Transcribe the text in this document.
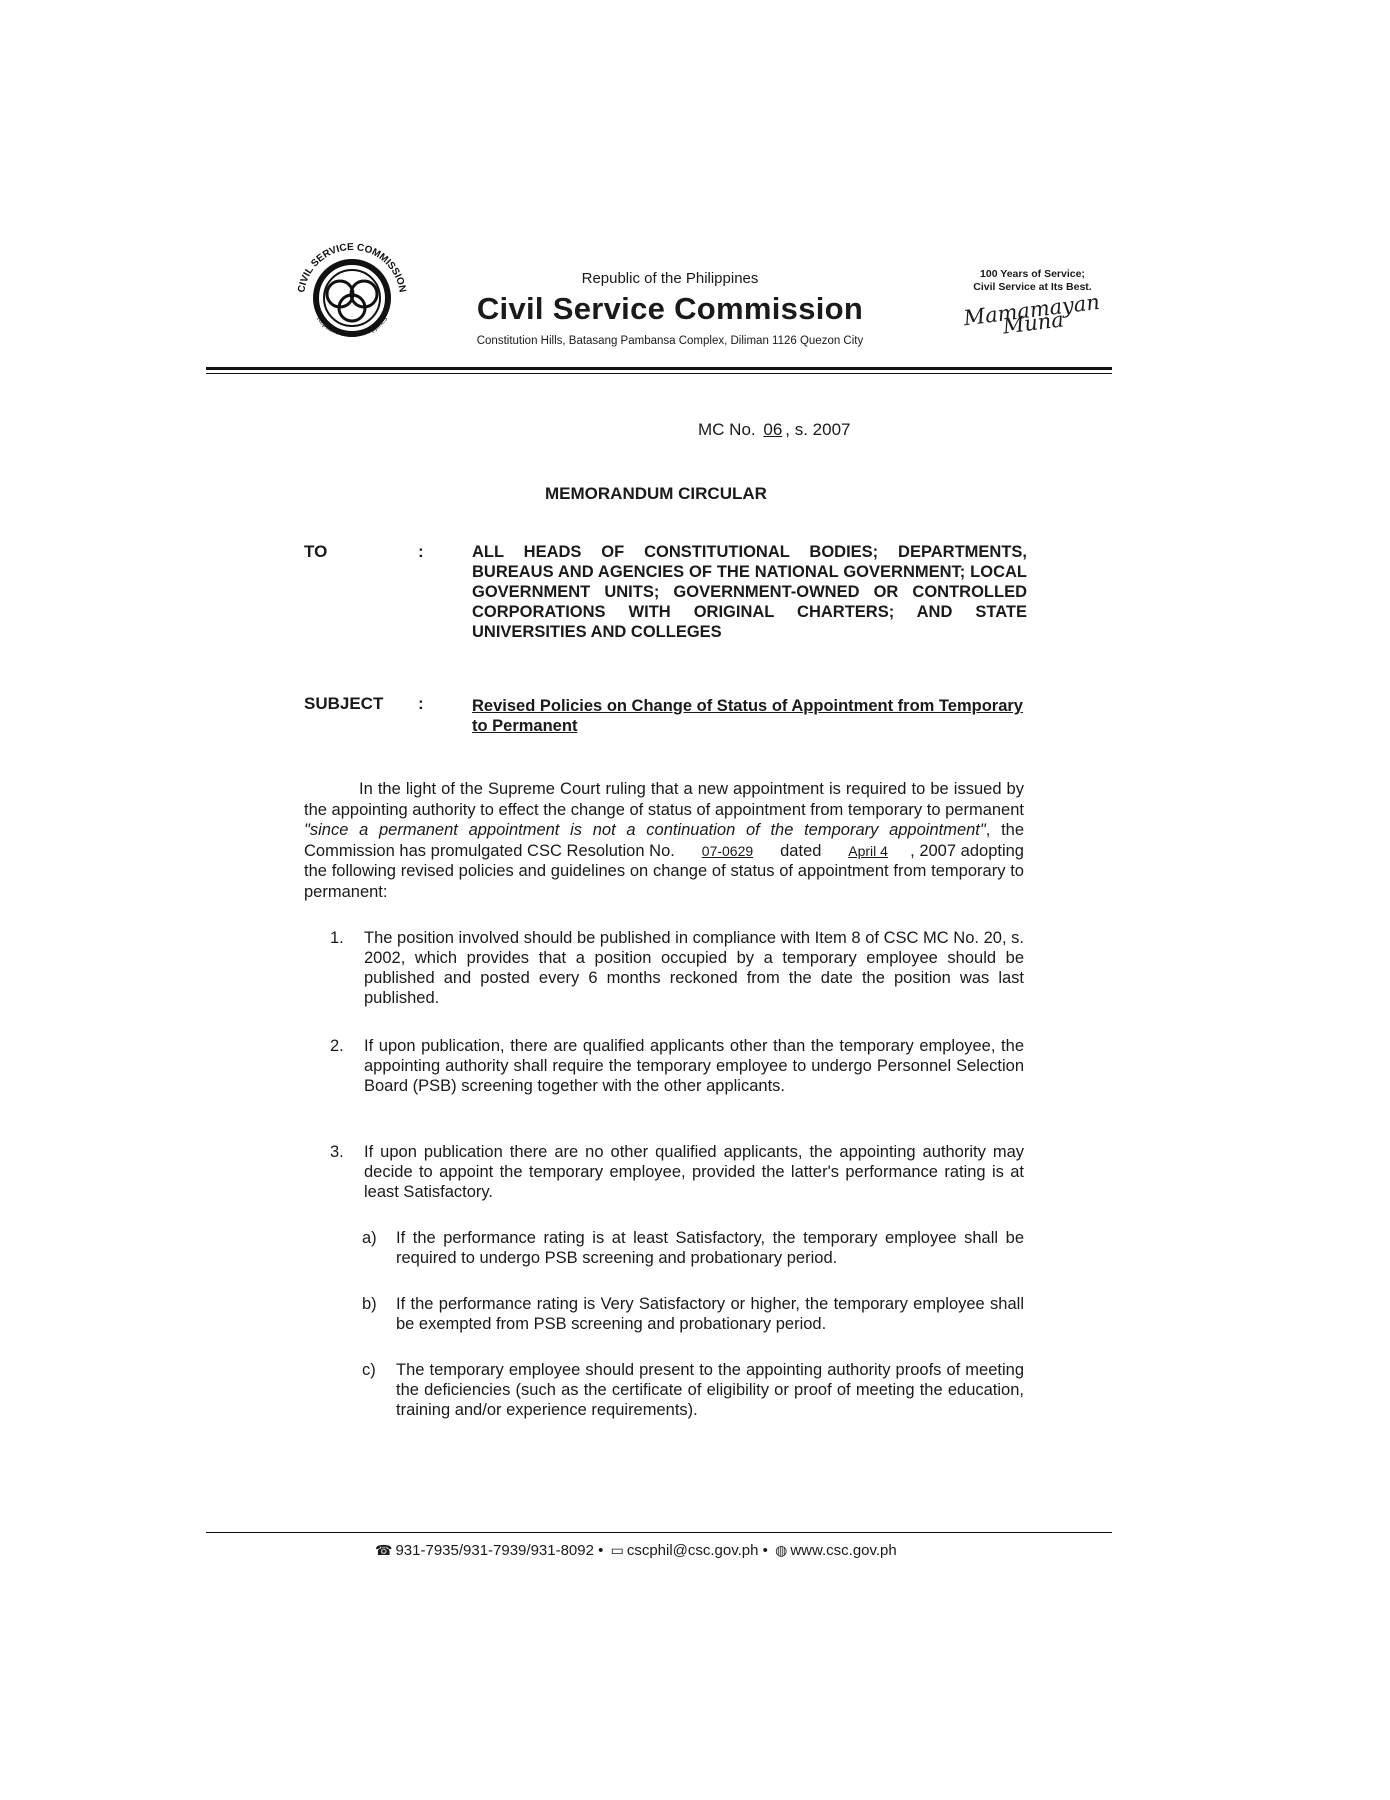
CIVIL SERVICE COMMISSION
Republic of the Philippines
Republic of the Philippines
Civil Service Commission
Constitution Hills, Batasang Pambansa Complex, Diliman 1126 Quezon City
100 Years of Service;
Civil Service at Its Best.
Mamamayan Muna
MC No. 06 , s. 2007
MEMORANDUM CIRCULAR
TO	:	ALL HEADS OF CONSTITUTIONAL BODIES; DEPARTMENTS, BUREAUS AND AGENCIES OF THE NATIONAL GOVERNMENT; LOCAL GOVERNMENT UNITS; GOVERNMENT-OWNED OR CONTROLLED CORPORATIONS WITH ORIGINAL CHARTERS; AND STATE UNIVERSITIES AND COLLEGES
SUBJECT :	Revised Policies on Change of Status of Appointment from Temporary to Permanent
In the light of the Supreme Court ruling that a new appointment is required to be issued by the appointing authority to effect the change of status of appointment from temporary to permanent "since a permanent appointment is not a continuation of the temporary appointment", the Commission has promulgated CSC Resolution No. 07-0629 dated April 4 , 2007 adopting the following revised policies and guidelines on change of status of appointment from temporary to permanent:
1.	The position involved should be published in compliance with Item 8 of CSC MC No. 20, s. 2002, which provides that a position occupied by a temporary employee should be published and posted every 6 months reckoned from the date the position was last published.
2.	If upon publication, there are qualified applicants other than the temporary employee, the appointing authority shall require the temporary employee to undergo Personnel Selection Board (PSB) screening together with the other applicants.
3.	If upon publication there are no other qualified applicants, the appointing authority may decide to appoint the temporary employee, provided the latter's performance rating is at least Satisfactory.
a)	If the performance rating is at least Satisfactory, the temporary employee shall be required to undergo PSB screening and probationary period.
b)	If the performance rating is Very Satisfactory or higher, the temporary employee shall be exempted from PSB screening and probationary period.
c)	The temporary employee should present to the appointing authority proofs of meeting the deficiencies (such as the certificate of eligibility or proof of meeting the education, training and/or experience requirements).
☎ 931-7935/931-7939/931-8092 • ▭ cscphil@csc.gov.ph • ◍ www.csc.gov.ph
